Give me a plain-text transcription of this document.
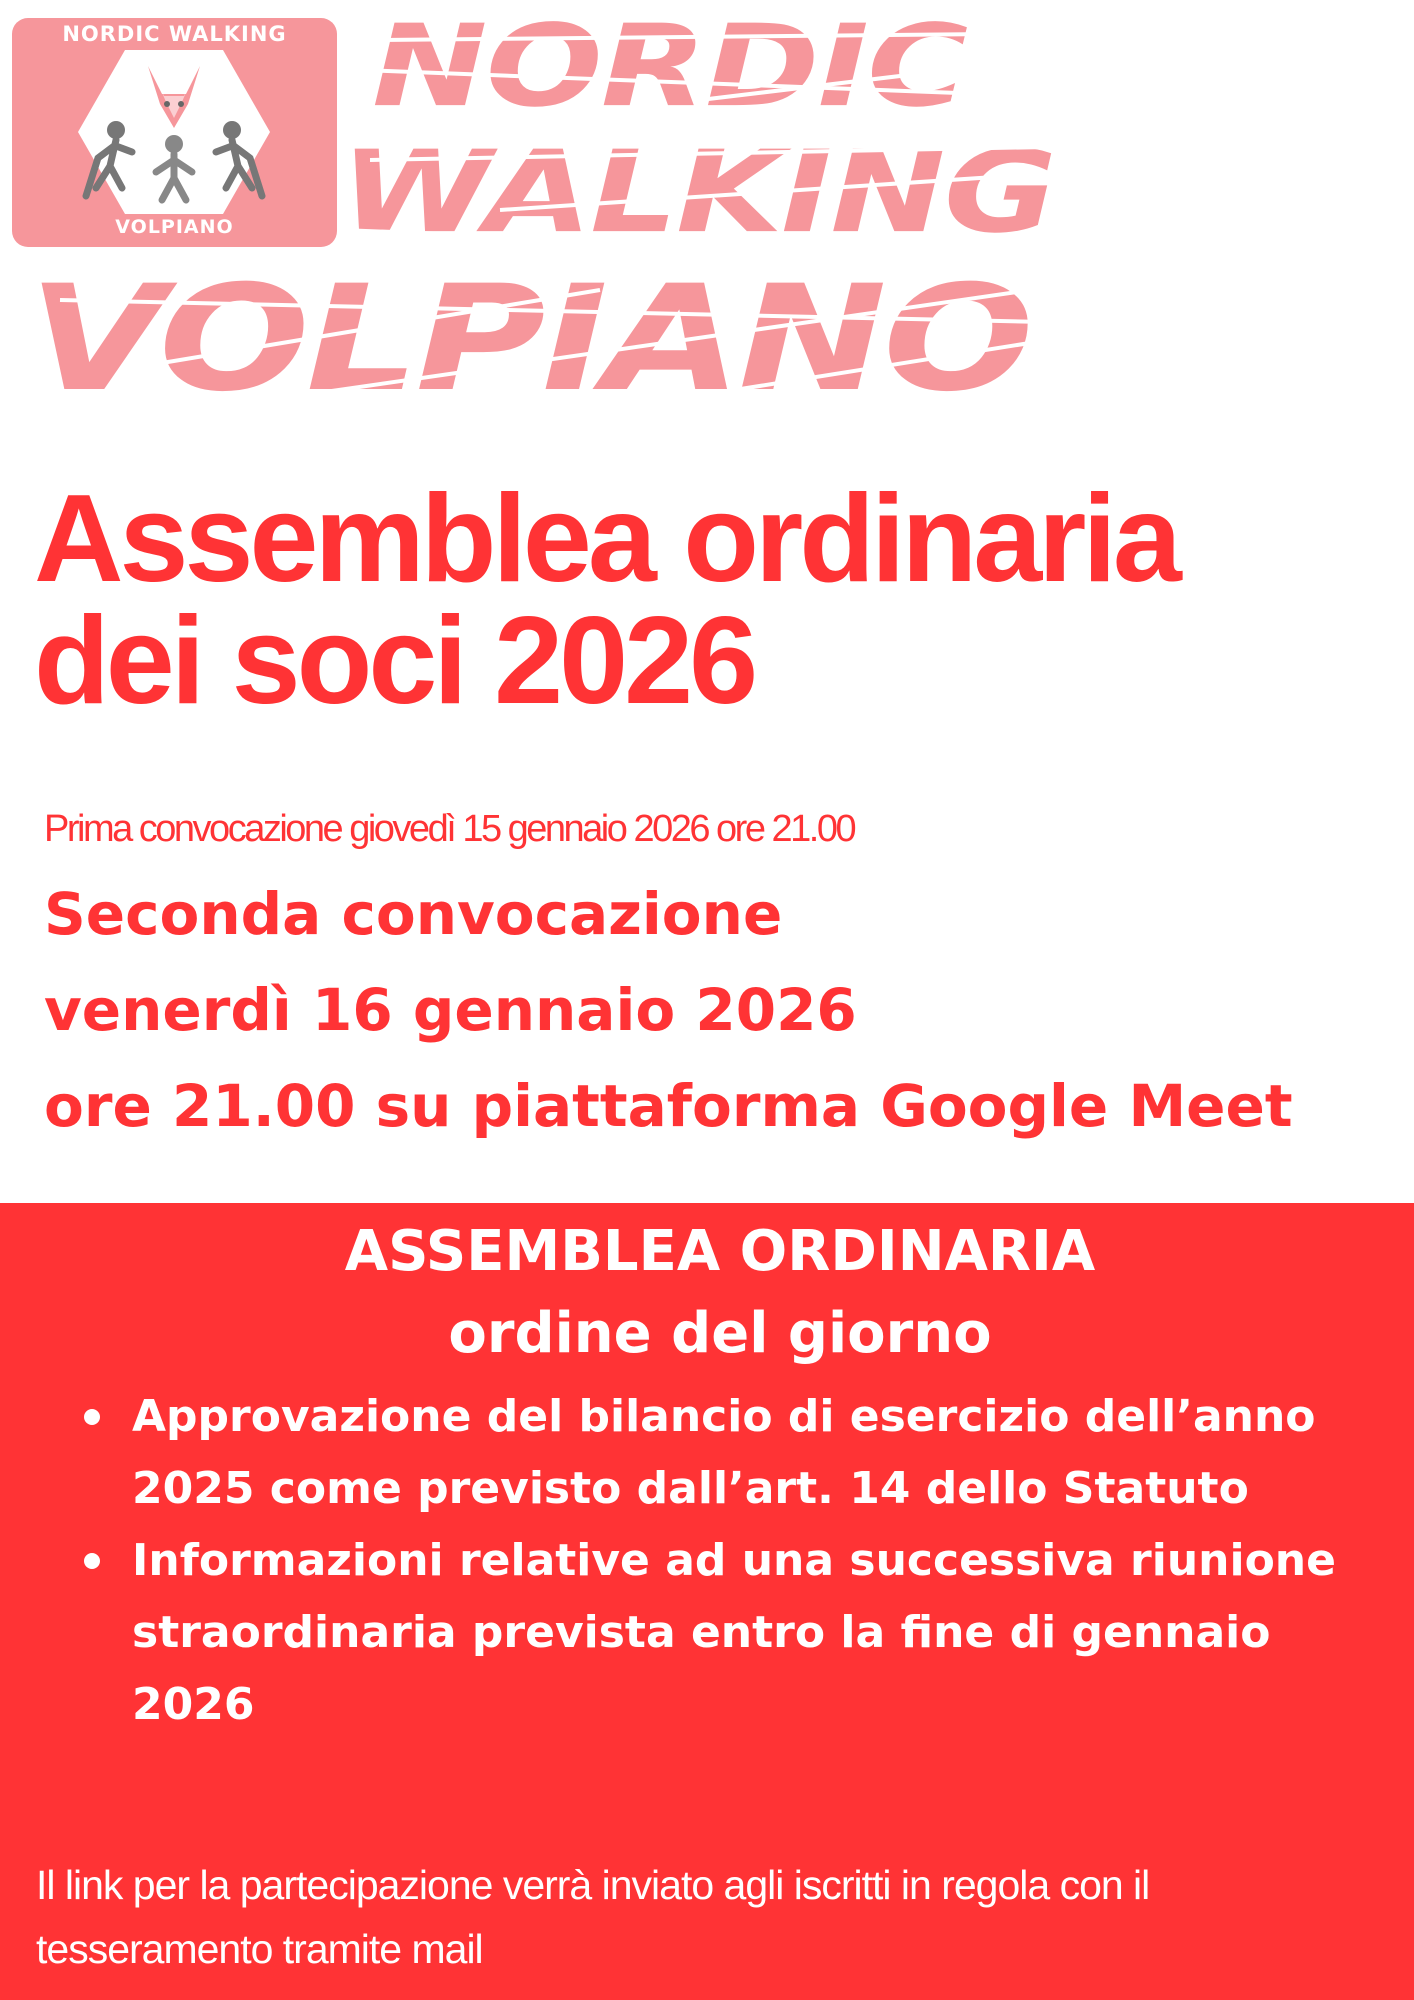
NORDIC WALKING
VOLPIANO
NORDIC
WALKING
VOLPIANO
Assemblea ordinaria
dei soci 2026
Prima convocazione giovedì 15 gennaio 2026 ore 21.00
Seconda convocazione
venerdì 16 gennaio 2026
ore 21.00 su piattaforma Google Meet
ASSEMBLEA ORDINARIA
ordine del giorno
Approvazione del bilancio di esercizio dell’anno 2025 come previsto dall’art. 14 dello Statuto
Informazioni relative ad una successiva riunione straordinaria prevista entro la fine di gennaio 2026
Il link per la partecipazione verrà inviato agli iscritti in regola con il tesseramento tramite mail
